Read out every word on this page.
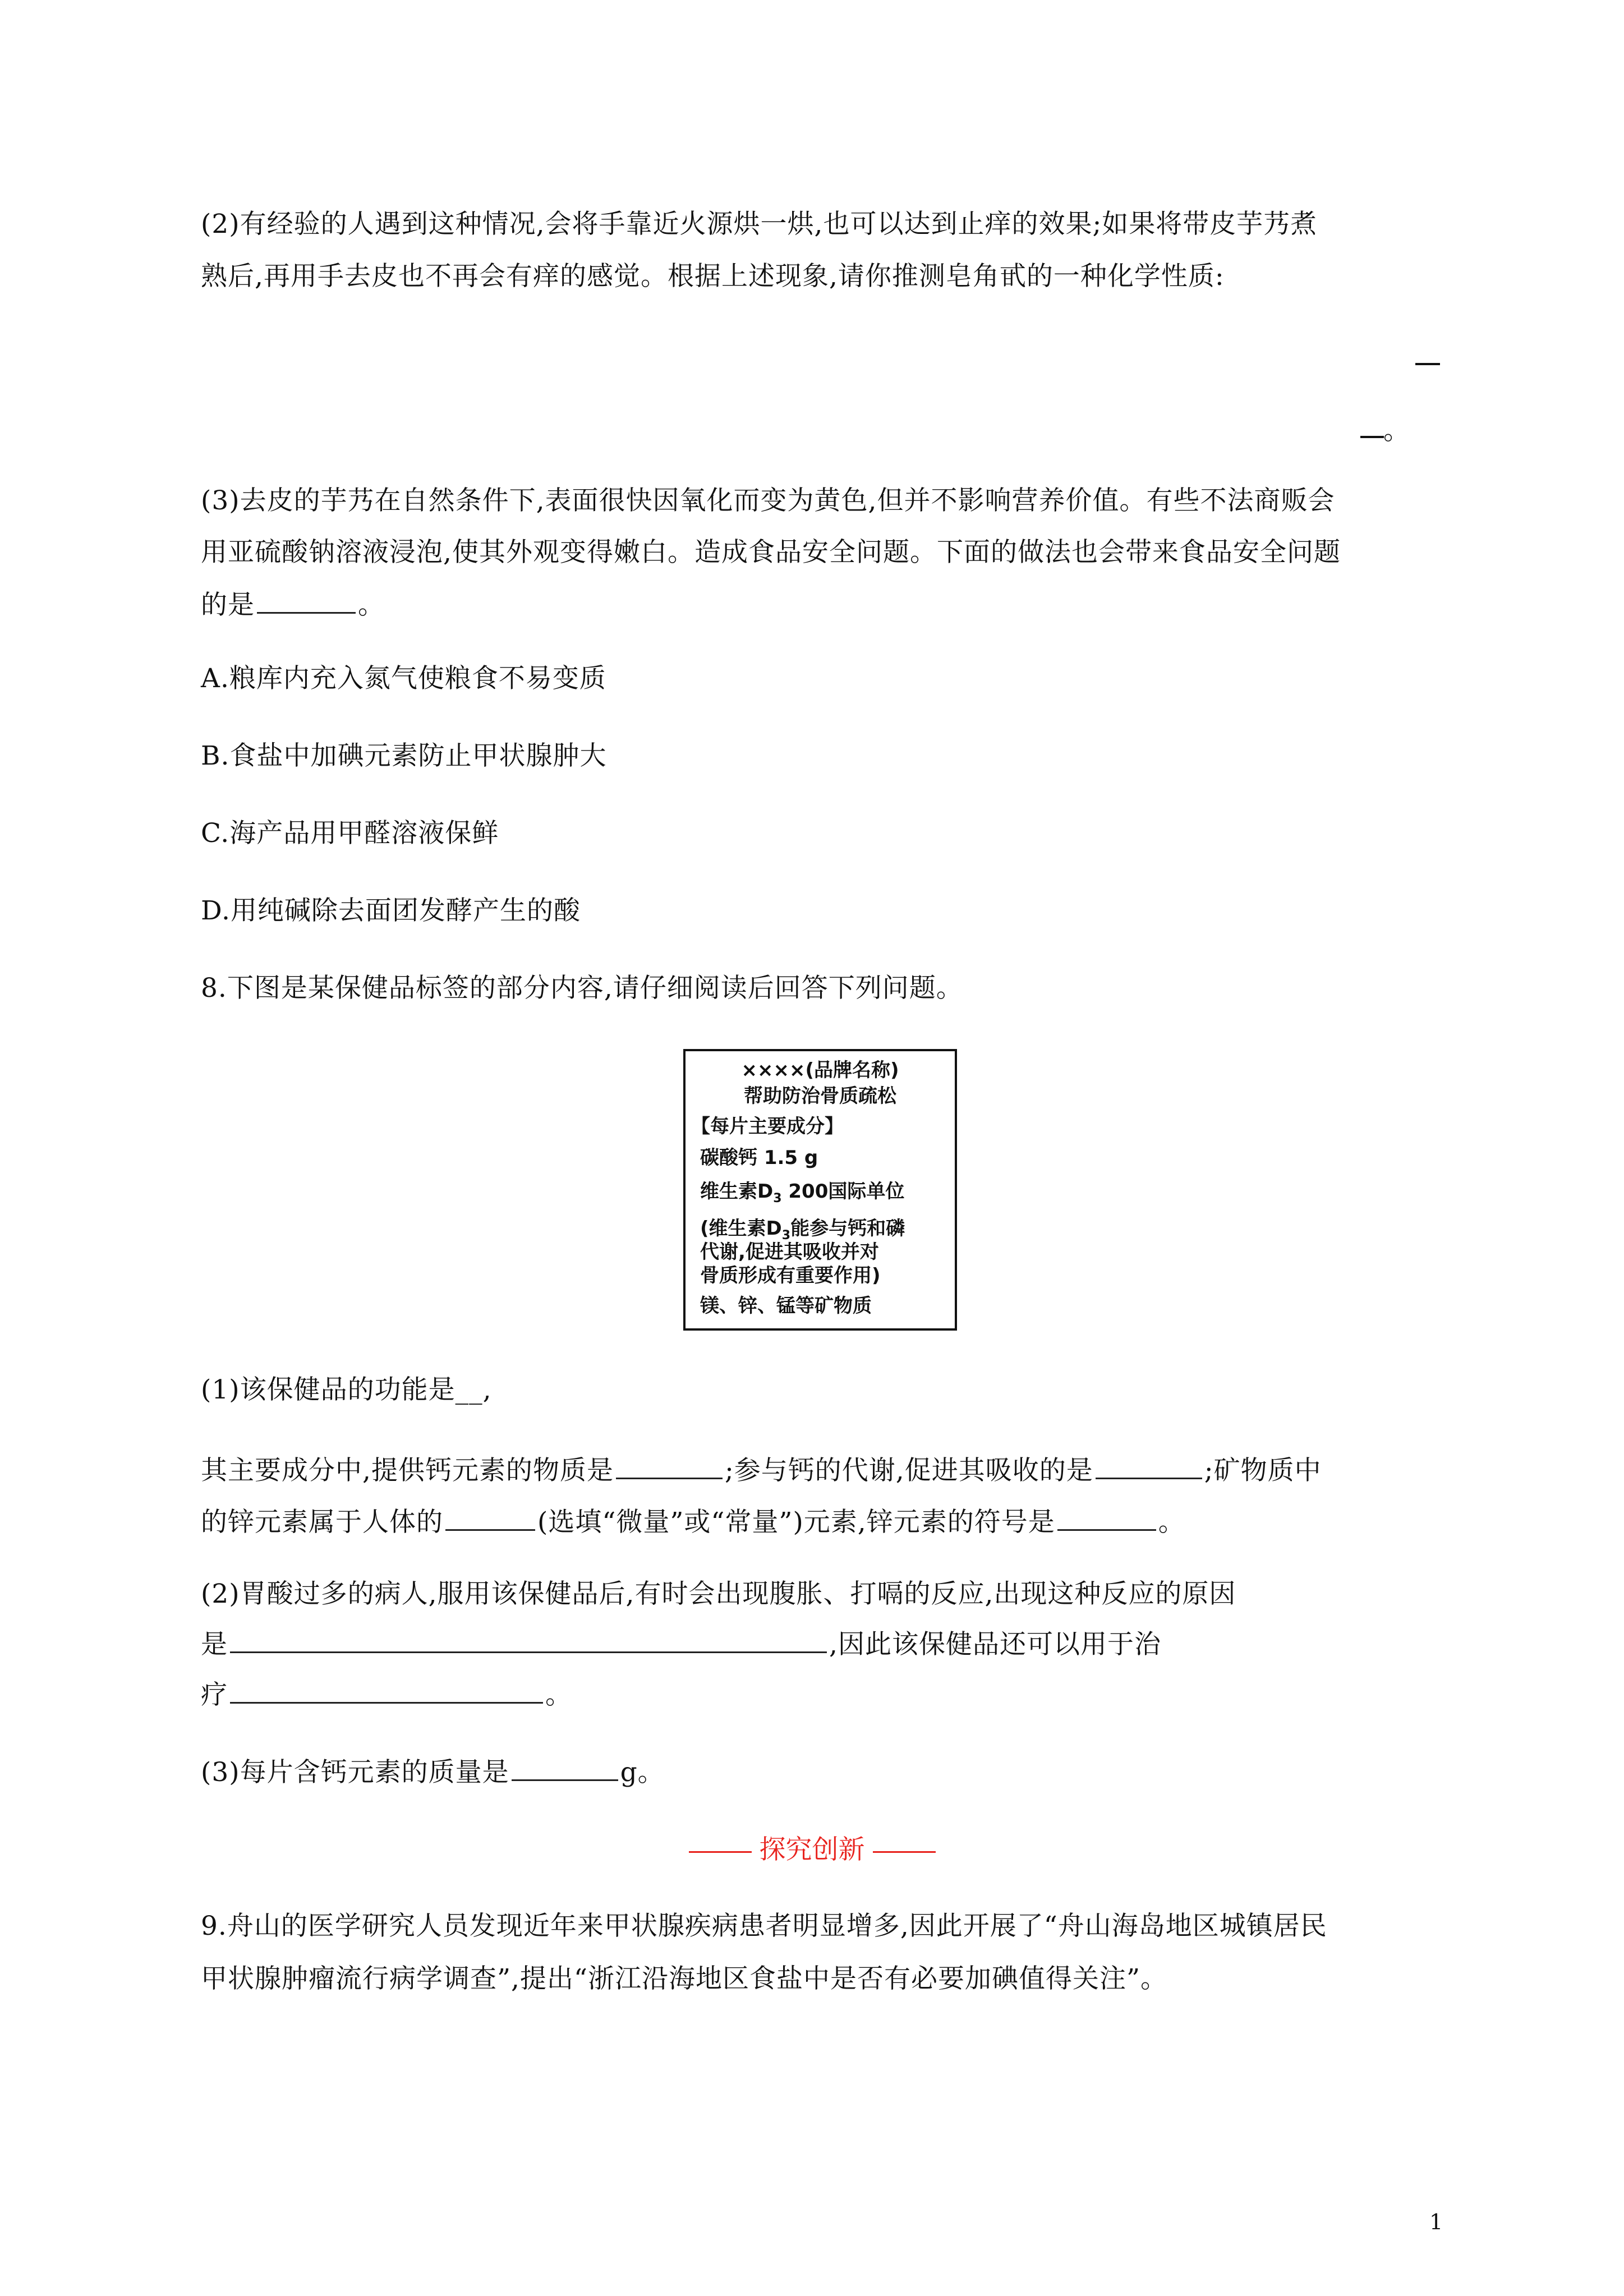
(2)有经验的人遇到这种情况,会将手靠近火源烘一烘,也可以达到止痒的效果;如果将带皮芋艿煮
熟后,再用手去皮也不再会有痒的感觉。根据上述现象,请你推测皂角甙的一种化学性质:
。
(3)去皮的芋艿在自然条件下,表面很快因氧化而变为黄色,但并不影响营养价值。有些不法商贩会
用亚硫酸钠溶液浸泡,使其外观变得嫩白。造成食品安全问题。下面的做法也会带来食品安全问题
的是	。
A.粮库内充入氮气使粮食不易变质
B.食盐中加碘元素防止甲状腺肿大
C.海产品用甲醛溶液保鲜
D.用纯碱除去面团发酵产生的酸
8.下图是某保健品标签的部分内容,请仔细阅读后回答下列问题。
××××(品牌名称)
帮助防治骨质疏松
【每片主要成分】
碳酸钙 1.5 g
维生素$D_3$ 200国际单位
(维生素$D_3$能参与钙和磷
代谢,促进其吸收并对
骨质形成有重要作用)
镁、锌、锰等矿物质
(1)该保健品的功能是__,
其主要成分中,提供钙元素的物质是	;参与钙的代谢,促进其吸收的是	;矿物质中
的锌元素属于人体的	(选填“微量”或“常量”)元素,锌元素的符号是	。
(2)胃酸过多的病人,服用该保健品后,有时会出现腹胀、打嗝的反应,出现这种反应的原因
是	,因此该保健品还可以用于治
疗	。
(3)每片含钙元素的质量是	g。
探究创新
9.舟山的医学研究人员发现近年来甲状腺疾病患者明显增多,因此开展了“舟山海岛地区城镇居民
甲状腺肿瘤流行病学调查”,提出“浙江沿海地区食盐中是否有必要加碘值得关注”。
1
